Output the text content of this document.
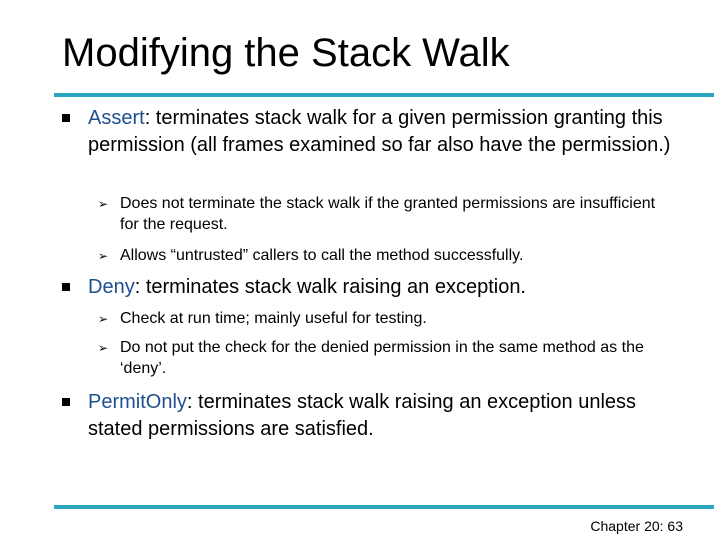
Modifying the Stack Walk
Assert: terminates stack walk for a given permission granting this permission (all frames examined so far also have the permission.)
➢ Does not terminate the stack walk if the granted permissions are insufficient for the request.
➢ Allows “untrusted” callers to call the method successfully.
Deny: terminates stack walk raising an exception.
➢ Check at run time; mainly useful for testing.
➢ Do not put the check for the denied permission in the same method as the ‘deny’.
PermitOnly: terminates stack walk raising an exception unless stated permissions are satisfied.
Chapter 20: 63
